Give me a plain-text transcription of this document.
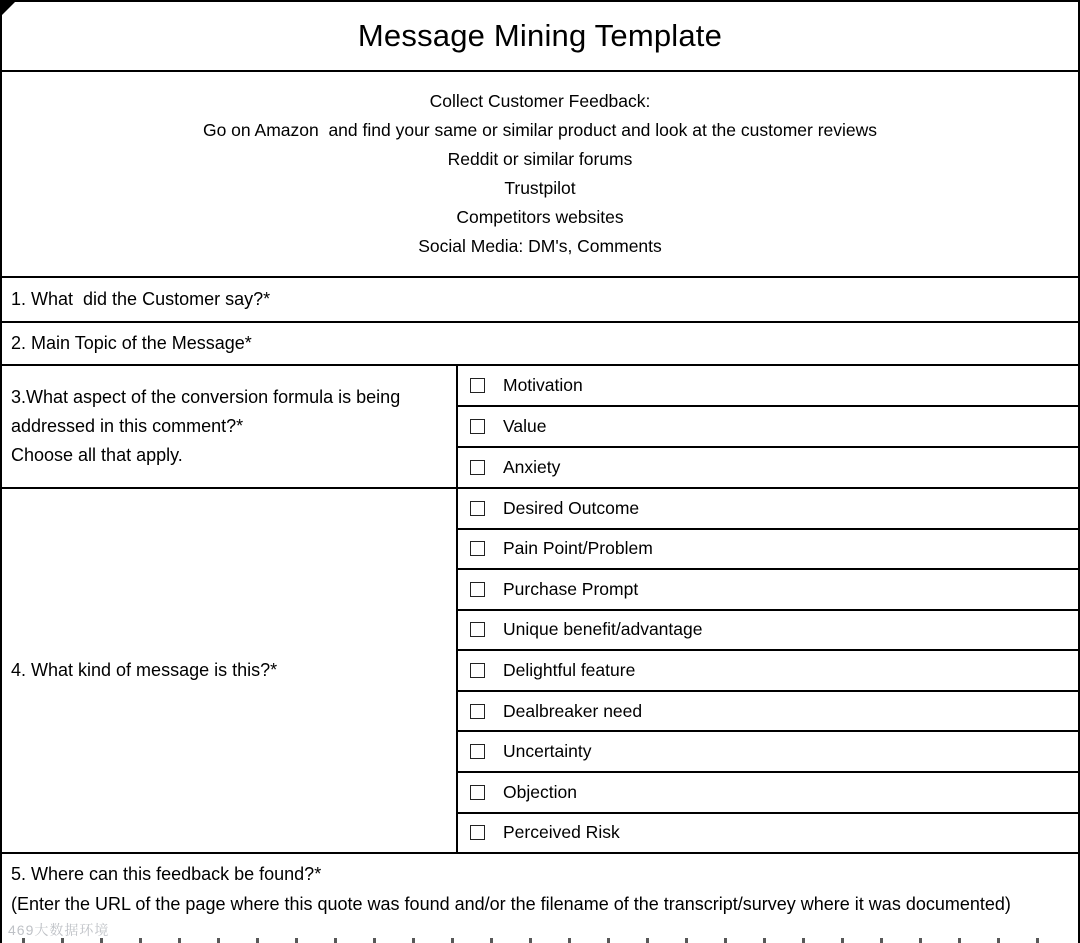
Message Mining Template
Collect Customer Feedback:
Go on Amazon  and find your same or similar product and look at the customer reviews
Reddit or similar forums
Trustpilot
Competitors websites
Social Media: DM's, Comments
1. What  did the Customer say?*
2. Main Topic of the Message*
3.What aspect of the conversion formula is being addressed in this comment?*
Choose all that apply.
Motivation
Value
Anxiety
4. What kind of message is this?*
Desired Outcome
Pain Point/Problem
Purchase Prompt
Unique benefit/advantage
Delightful feature
Dealbreaker need
Uncertainty
Objection
Perceived Risk
5. Where can this feedback be found?*
(Enter the URL of the page where this quote was found and/or the filename of the transcript/survey where it was documented)
469大数据环境
